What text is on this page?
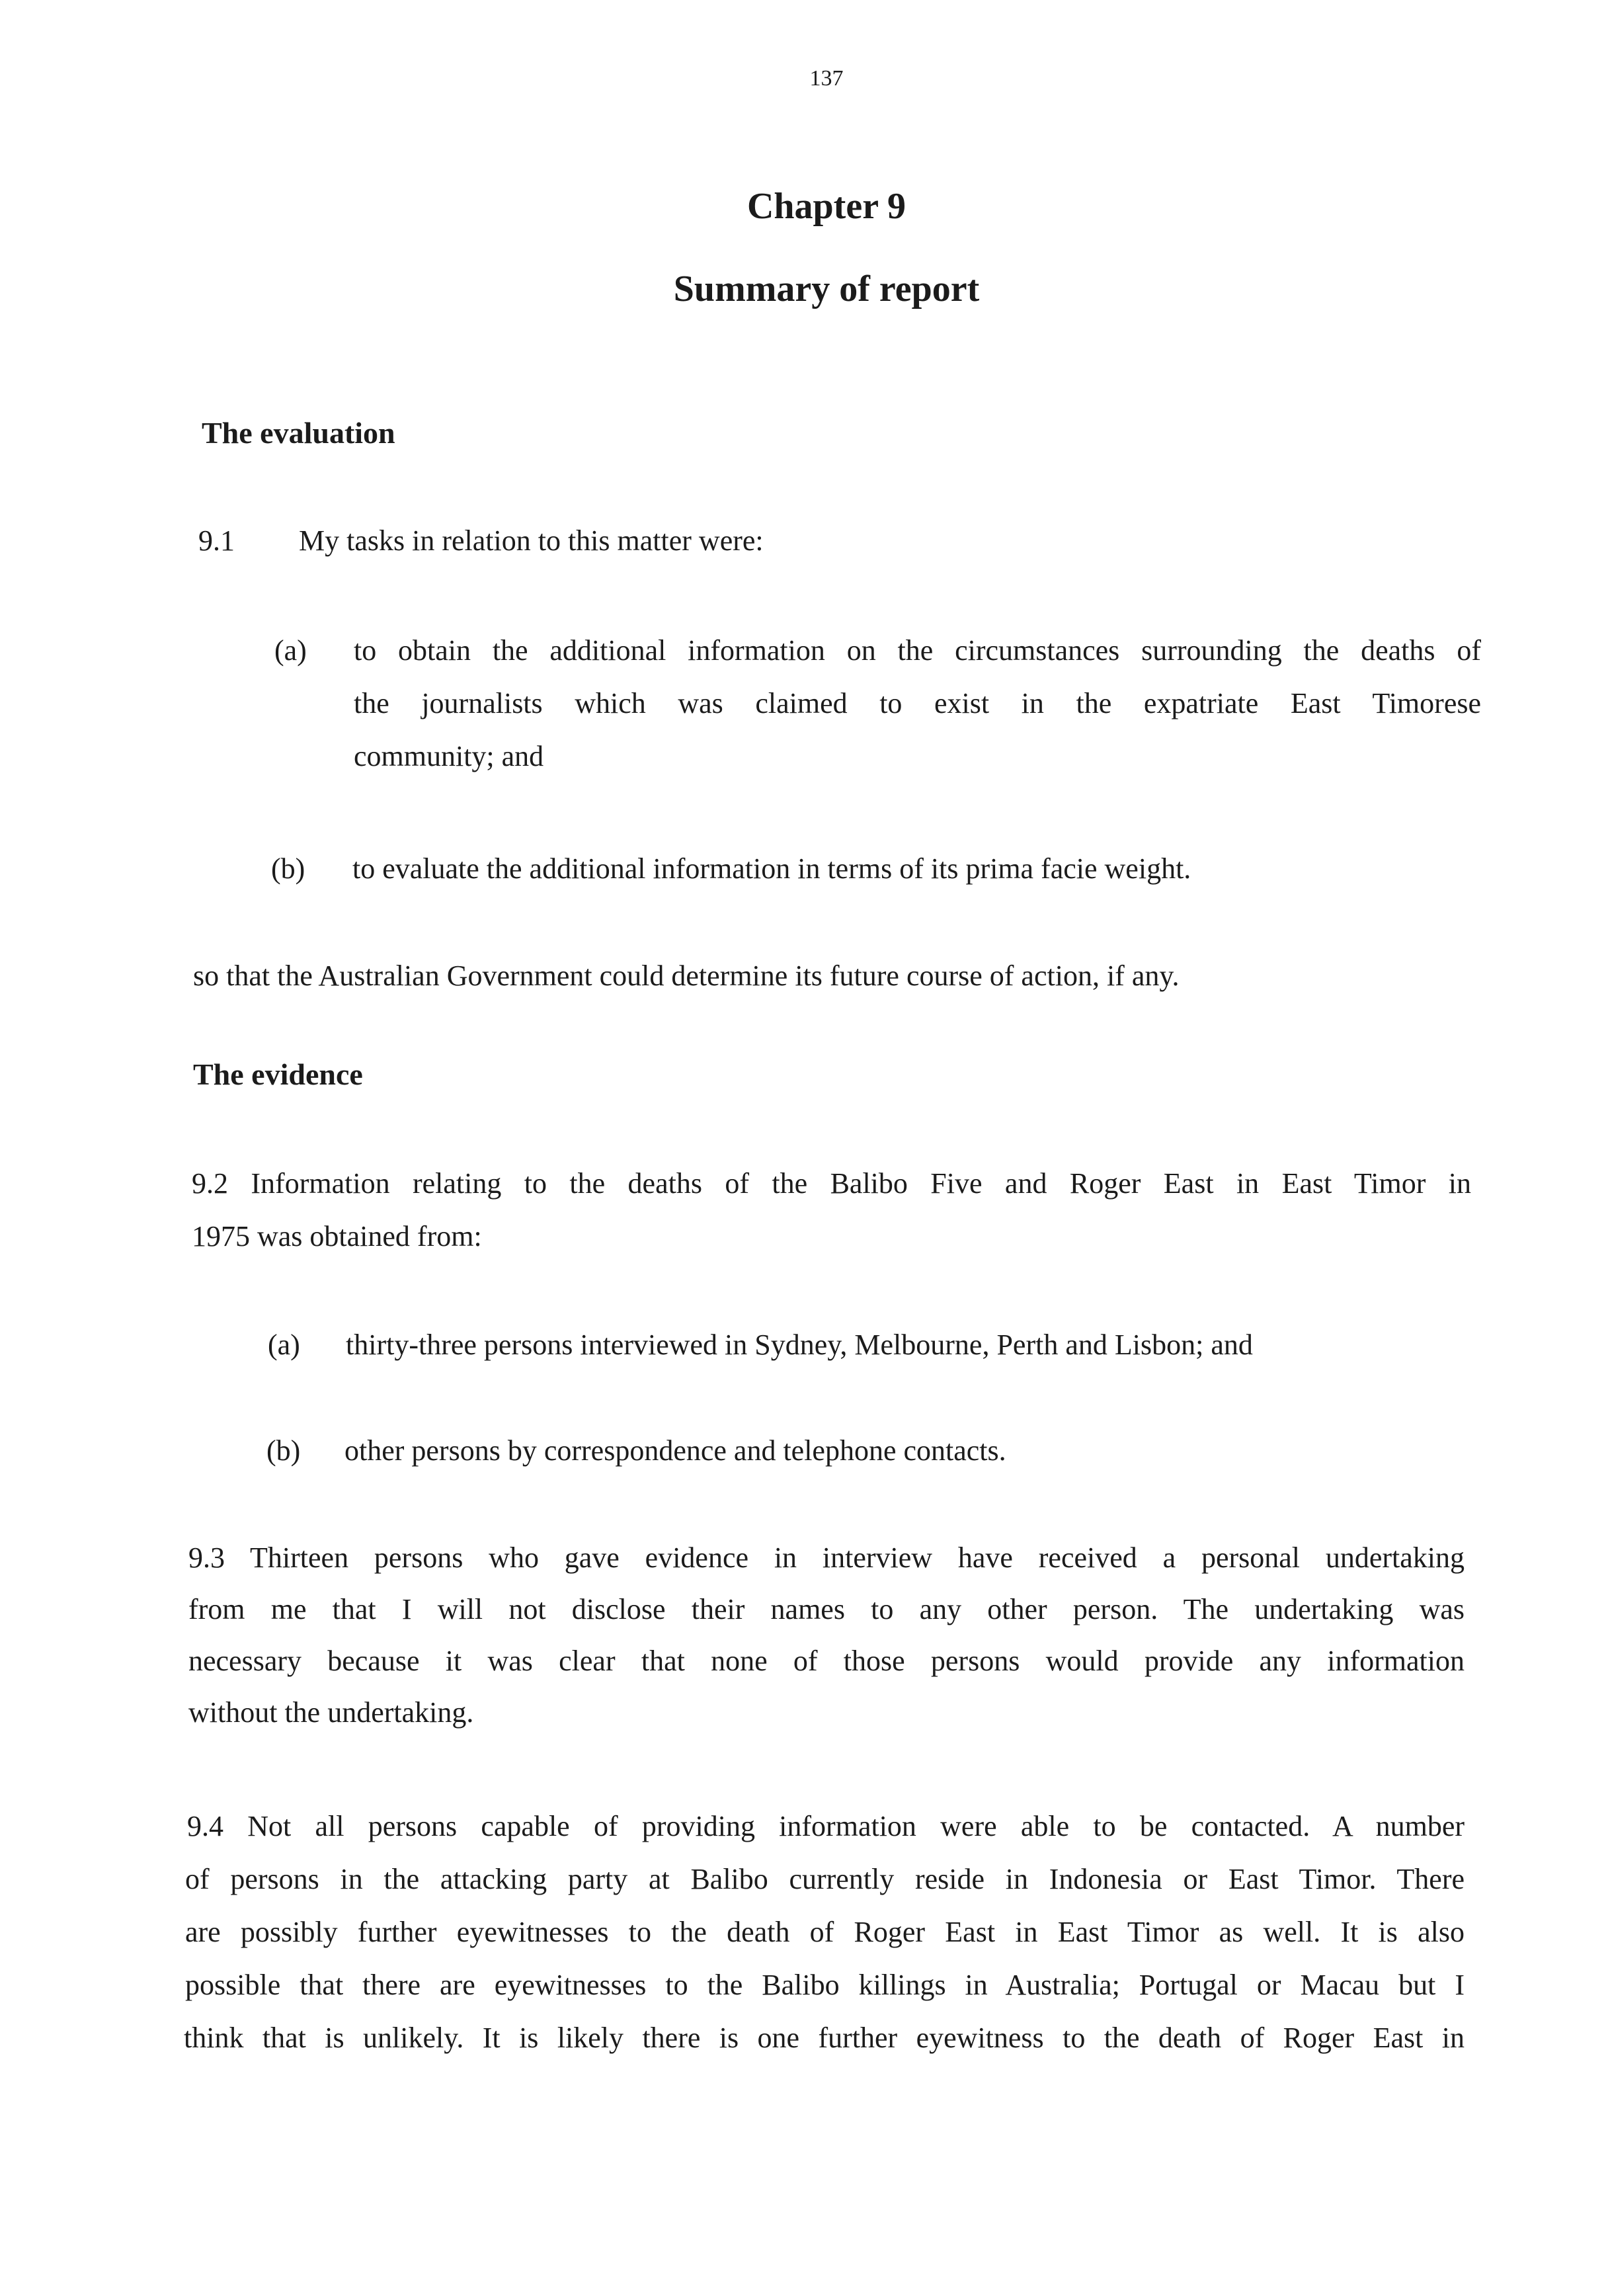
137
Chapter 9
Summary of report
The evaluation
9.1 My tasks in relation to this matter were:
(a) to obtain the additional information on the circumstances surrounding the deaths of
the journalists which was claimed to exist in the expatriate East Timorese
community; and
(b) to evaluate the additional information in terms of its prima facie weight.
so that the Australian Government could determine its future course of action, if any.
The evidence
9.2 Information relating to the deaths of the Balibo Five and Roger East in East Timor in
1975 was obtained from:
(a) thirty-three persons interviewed in Sydney, Melbourne, Perth and Lisbon; and
(b) other persons by correspondence and telephone contacts.
9.3 Thirteen persons who gave evidence in interview have received a personal undertaking
from me that I will not disclose their names to any other person. The undertaking was
necessary because it was clear that none of those persons would provide any information
without the undertaking.
9.4 Not all persons capable of providing information were able to be contacted. A number
of persons in the attacking party at Balibo currently reside in Indonesia or East Timor. There
are possibly further eyewitnesses to the death of Roger East in East Timor as well. It is also
possible that there are eyewitnesses to the Balibo killings in Australia; Portugal or Macau but I
think that is unlikely. It is likely there is one further eyewitness to the death of Roger East in
